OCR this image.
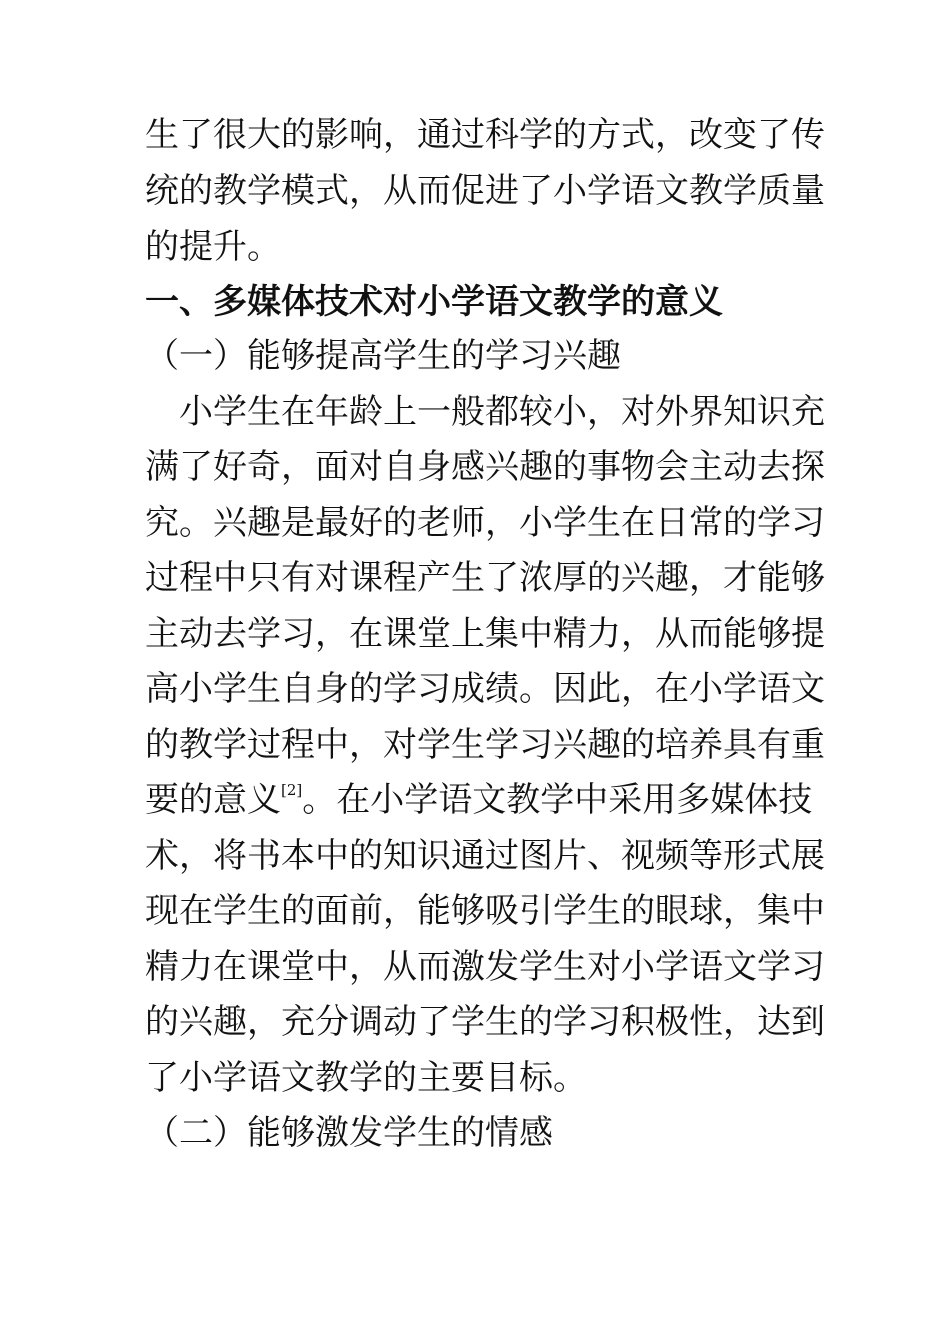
生了很大的影响，通过科学的方式，改变了传
统的教学模式，从而促进了小学语文教学质量
的提升。
一、多媒体技术对小学语文教学的意义
（一）能够提高学生的学习兴趣
　小学生在年龄上一般都较小，对外界知识充
满了好奇，面对自身感兴趣的事物会主动去探
究。兴趣是最好的老师，小学生在日常的学习
过程中只有对课程产生了浓厚的兴趣，才能够
主动去学习，在课堂上集中精力，从而能够提
高小学生自身的学习成绩。因此，在小学语文
的教学过程中，对学生学习兴趣的培养具有重
要的意义[2]。在小学语文教学中采用多媒体技
术，将书本中的知识通过图片、视频等形式展
现在学生的面前，能够吸引学生的眼球，集中
精力在课堂中，从而激发学生对小学语文学习
的兴趣，充分调动了学生的学习积极性，达到
了小学语文教学的主要目标。
（二）能够激发学生的情感
